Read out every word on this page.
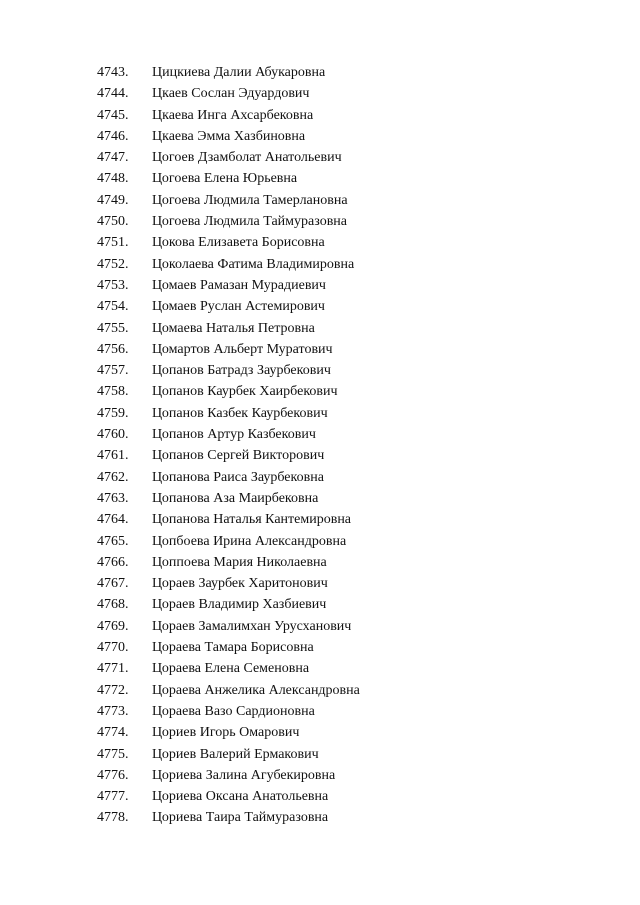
4743.	Цицкиева Далии Абукаровна
4744.	Цкаев Сослан Эдуардович
4745.	Цкаева Инга Ахсарбековна
4746.	Цкаева Эмма Хазбиновна
4747.	Цогоев Дзамболат Анатольевич
4748.	Цогоева Елена Юрьевна
4749.	Цогоева Людмила Тамерлановна
4750.	Цогоева Людмила Таймуразовна
4751.	Цокова Елизавета Борисовна
4752.	Цоколаева Фатима Владимировна
4753.	Цомаев Рамазан Мурадиевич
4754.	Цомаев Руслан Астемирович
4755.	Цомаева Наталья Петровна
4756.	Цомартов Альберт Муратович
4757.	Цопанов Батрадз Заурбекович
4758.	Цопанов Каурбек Хаирбекович
4759.	Цопанов Казбек Каурбекович
4760.	Цопанов Артур Казбекович
4761.	Цопанов Сергей Викторович
4762.	Цопанова Раиса Заурбековна
4763.	Цопанова Аза Маирбековна
4764.	Цопанова Наталья Кантемировна
4765.	Цопбоева Ирина Александровна
4766.	Цоппоева Мария Николаевна
4767.	Цораев Заурбек Харитонович
4768.	Цораев Владимир Хазбиевич
4769.	Цораев Замалимхан Урусханович
4770.	Цораева Тамара Борисовна
4771.	Цораева Елена Семеновна
4772.	Цораева Анжелика Александровна
4773.	Цораева Вазо Сардионовна
4774.	Цориев Игорь Омарович
4775.	Цориев Валерий Ермакович
4776.	Цориева Залина Агубекировна
4777.	Цориева Оксана Анатольевна
4778.	Цориева Таира Таймуразовна
